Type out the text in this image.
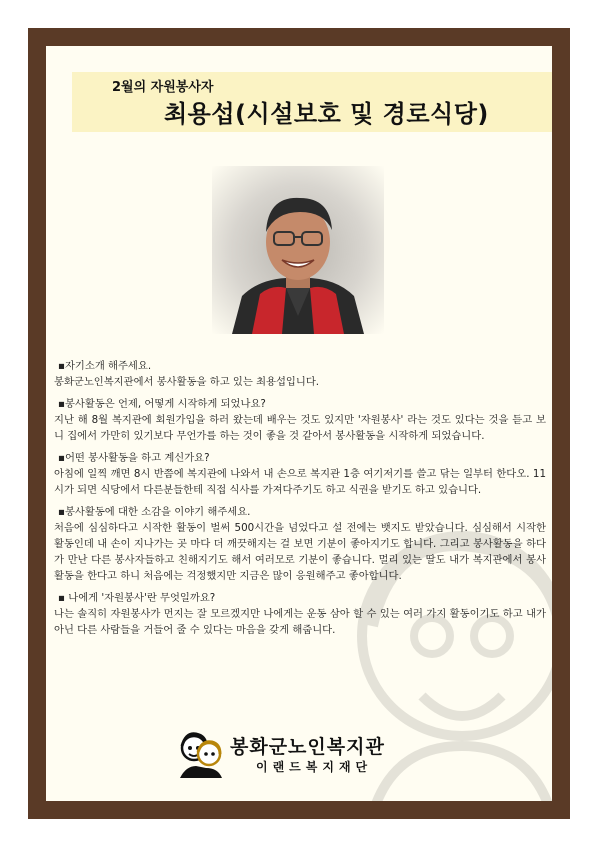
2월의 자원봉사자
최용섭(시설보호 및 경로식당)

▪자기소개 해주세요.

봉화군노인복지관에서 봉사활동을 하고 있는 최용섭입니다.

▪봉사활동은 언제, 어떻게 시작하게 되었나요?

지난 해 8월 복지관에 회원가입을 하러 왔는데 배우는 것도 있지만 '자원봉사' 라는 것도 있다는 것을 듣고 보니 집에서 가만히 있기보다 무언가를 하는 것이 좋을 것 같아서 봉사활동을 시작하게 되었습니다.

▪어떤 봉사활동을 하고 계신가요?

아침에 일찍 깨면 8시 반쯤에 복지관에 나와서 내 손으로 복지관 1층 여기저기를 쓸고 닦는 일부터 한다오. 11시가 되면 식당에서 다른분들한테 직접 식사를 가져다주기도 하고 식권을 받기도 하고 있습니다.

▪봉사활동에 대한 소감을 이야기 해주세요.

처음에 심심하다고 시작한 활동이 벌써 500시간을 넘었다고 설 전에는 뱃지도 받았습니다. 심심해서 시작한 활동인데 내 손이 지나가는 곳 마다 더 깨끗해지는 걸 보면 기분이 좋아지기도 합니다. 그리고 봉사활동을 하다가 만난 다른 봉사자들하고 친해지기도 해서 여러모로 기분이 좋습니다. 멀리 있는 딸도 내가 복지관에서 봉사활동을 한다고 하니 처음에는 걱정했지만 지금은 많이 응원해주고 좋아합니다.

▪ 나에게 '자원봉사'란 무엇일까요?

나는 솔직히 자원봉사가 먼지는 잘 모르겠지만 나에게는 운동 삼아 할 수 있는 여러 가지 활동이기도 하고 내가 아닌 다른 사람들을 거들어 줄 수 있다는 마음을 갖게 해줍니다.

봉화군노인복지관
이랜드복지재단
